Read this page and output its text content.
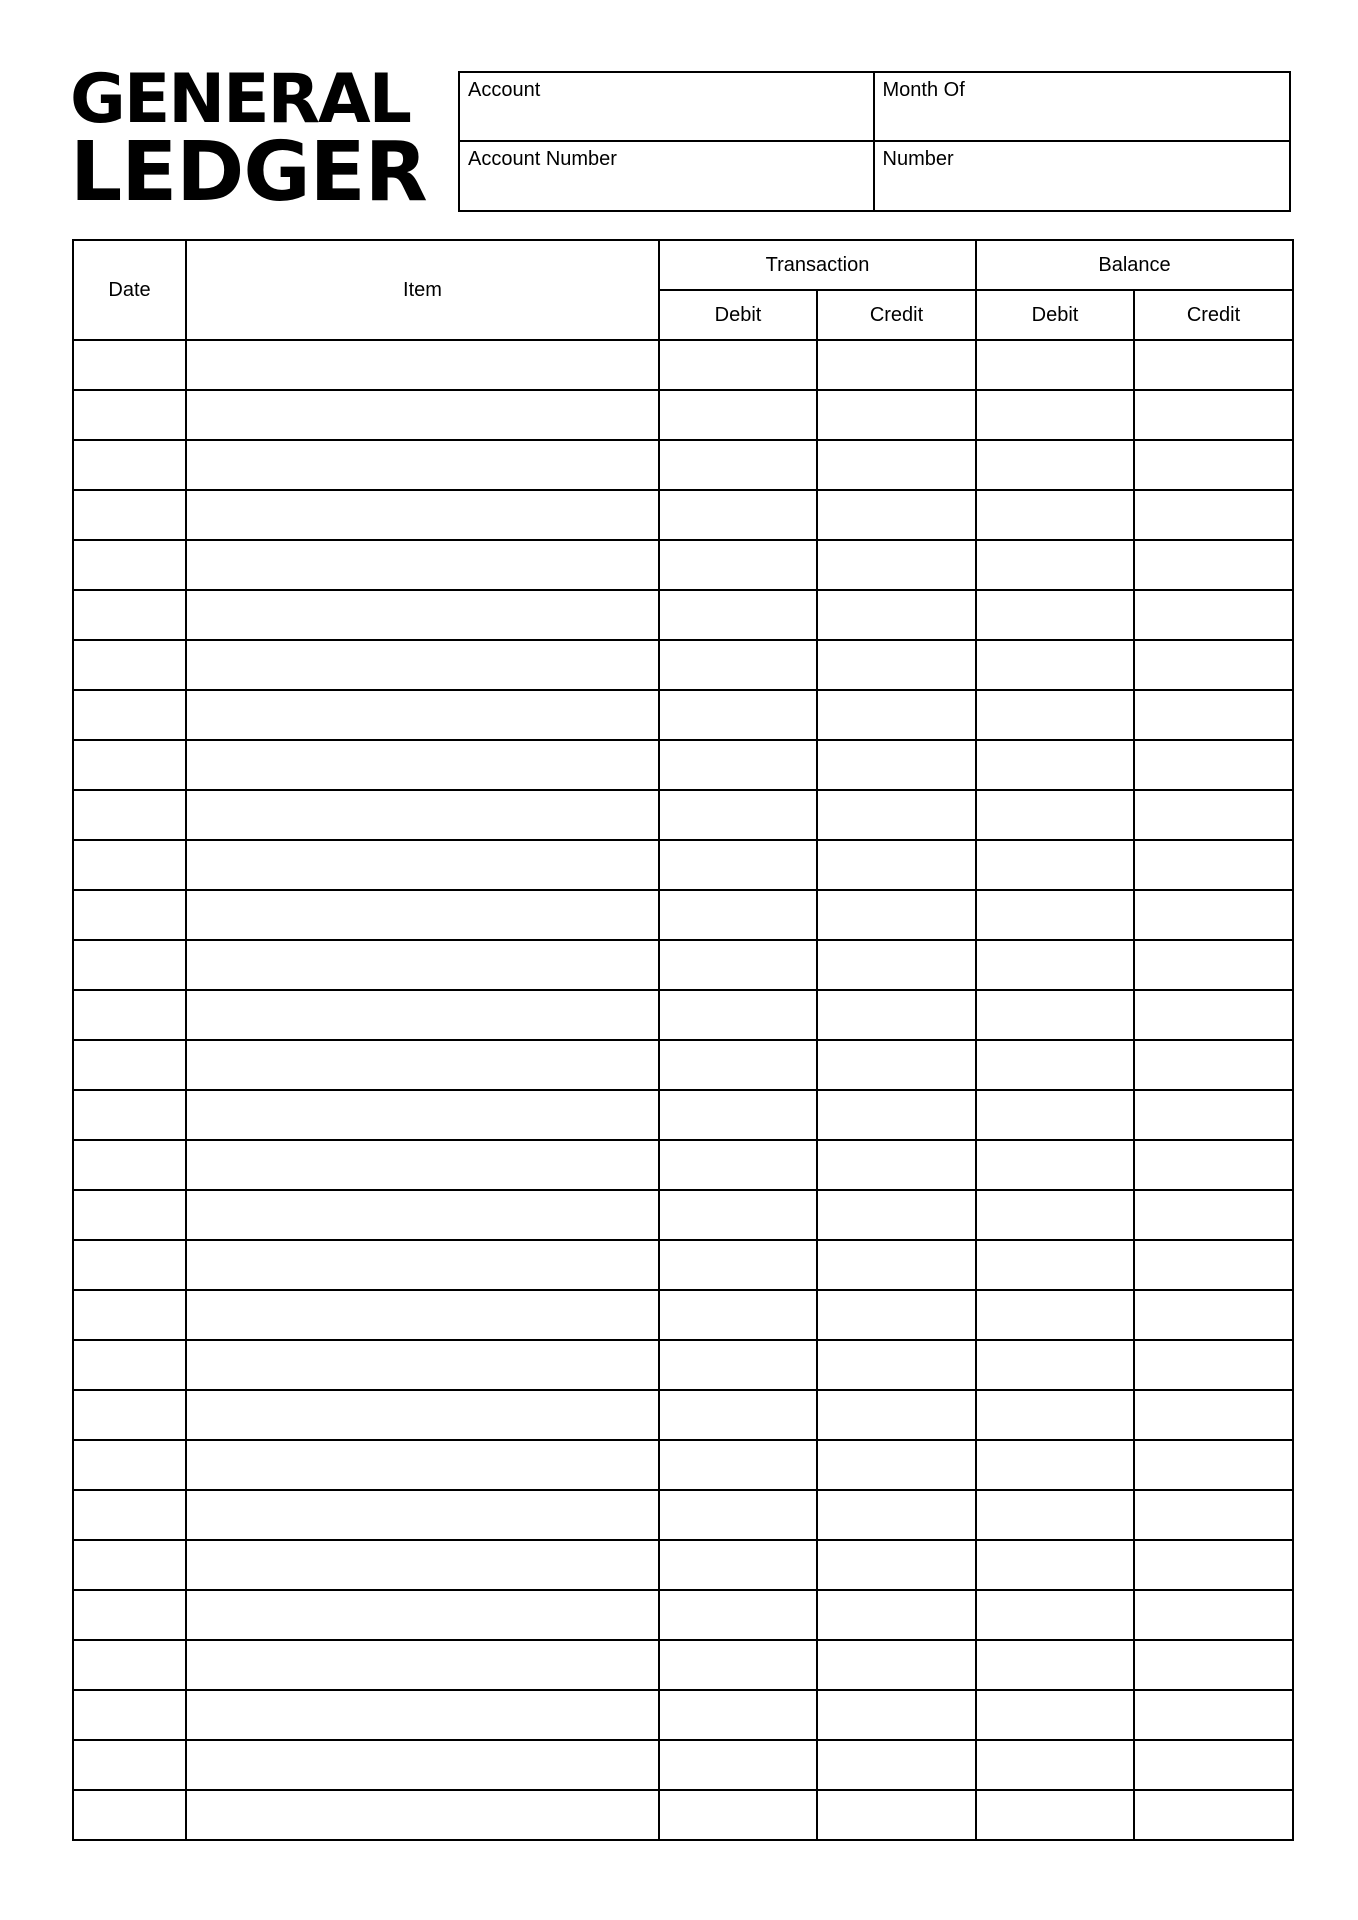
GENERAL
LEDGER
Account	Month Of
Account Number	Number
Date	Item	Transaction		Balance	
		Debit	Credit	Debit	Credit
